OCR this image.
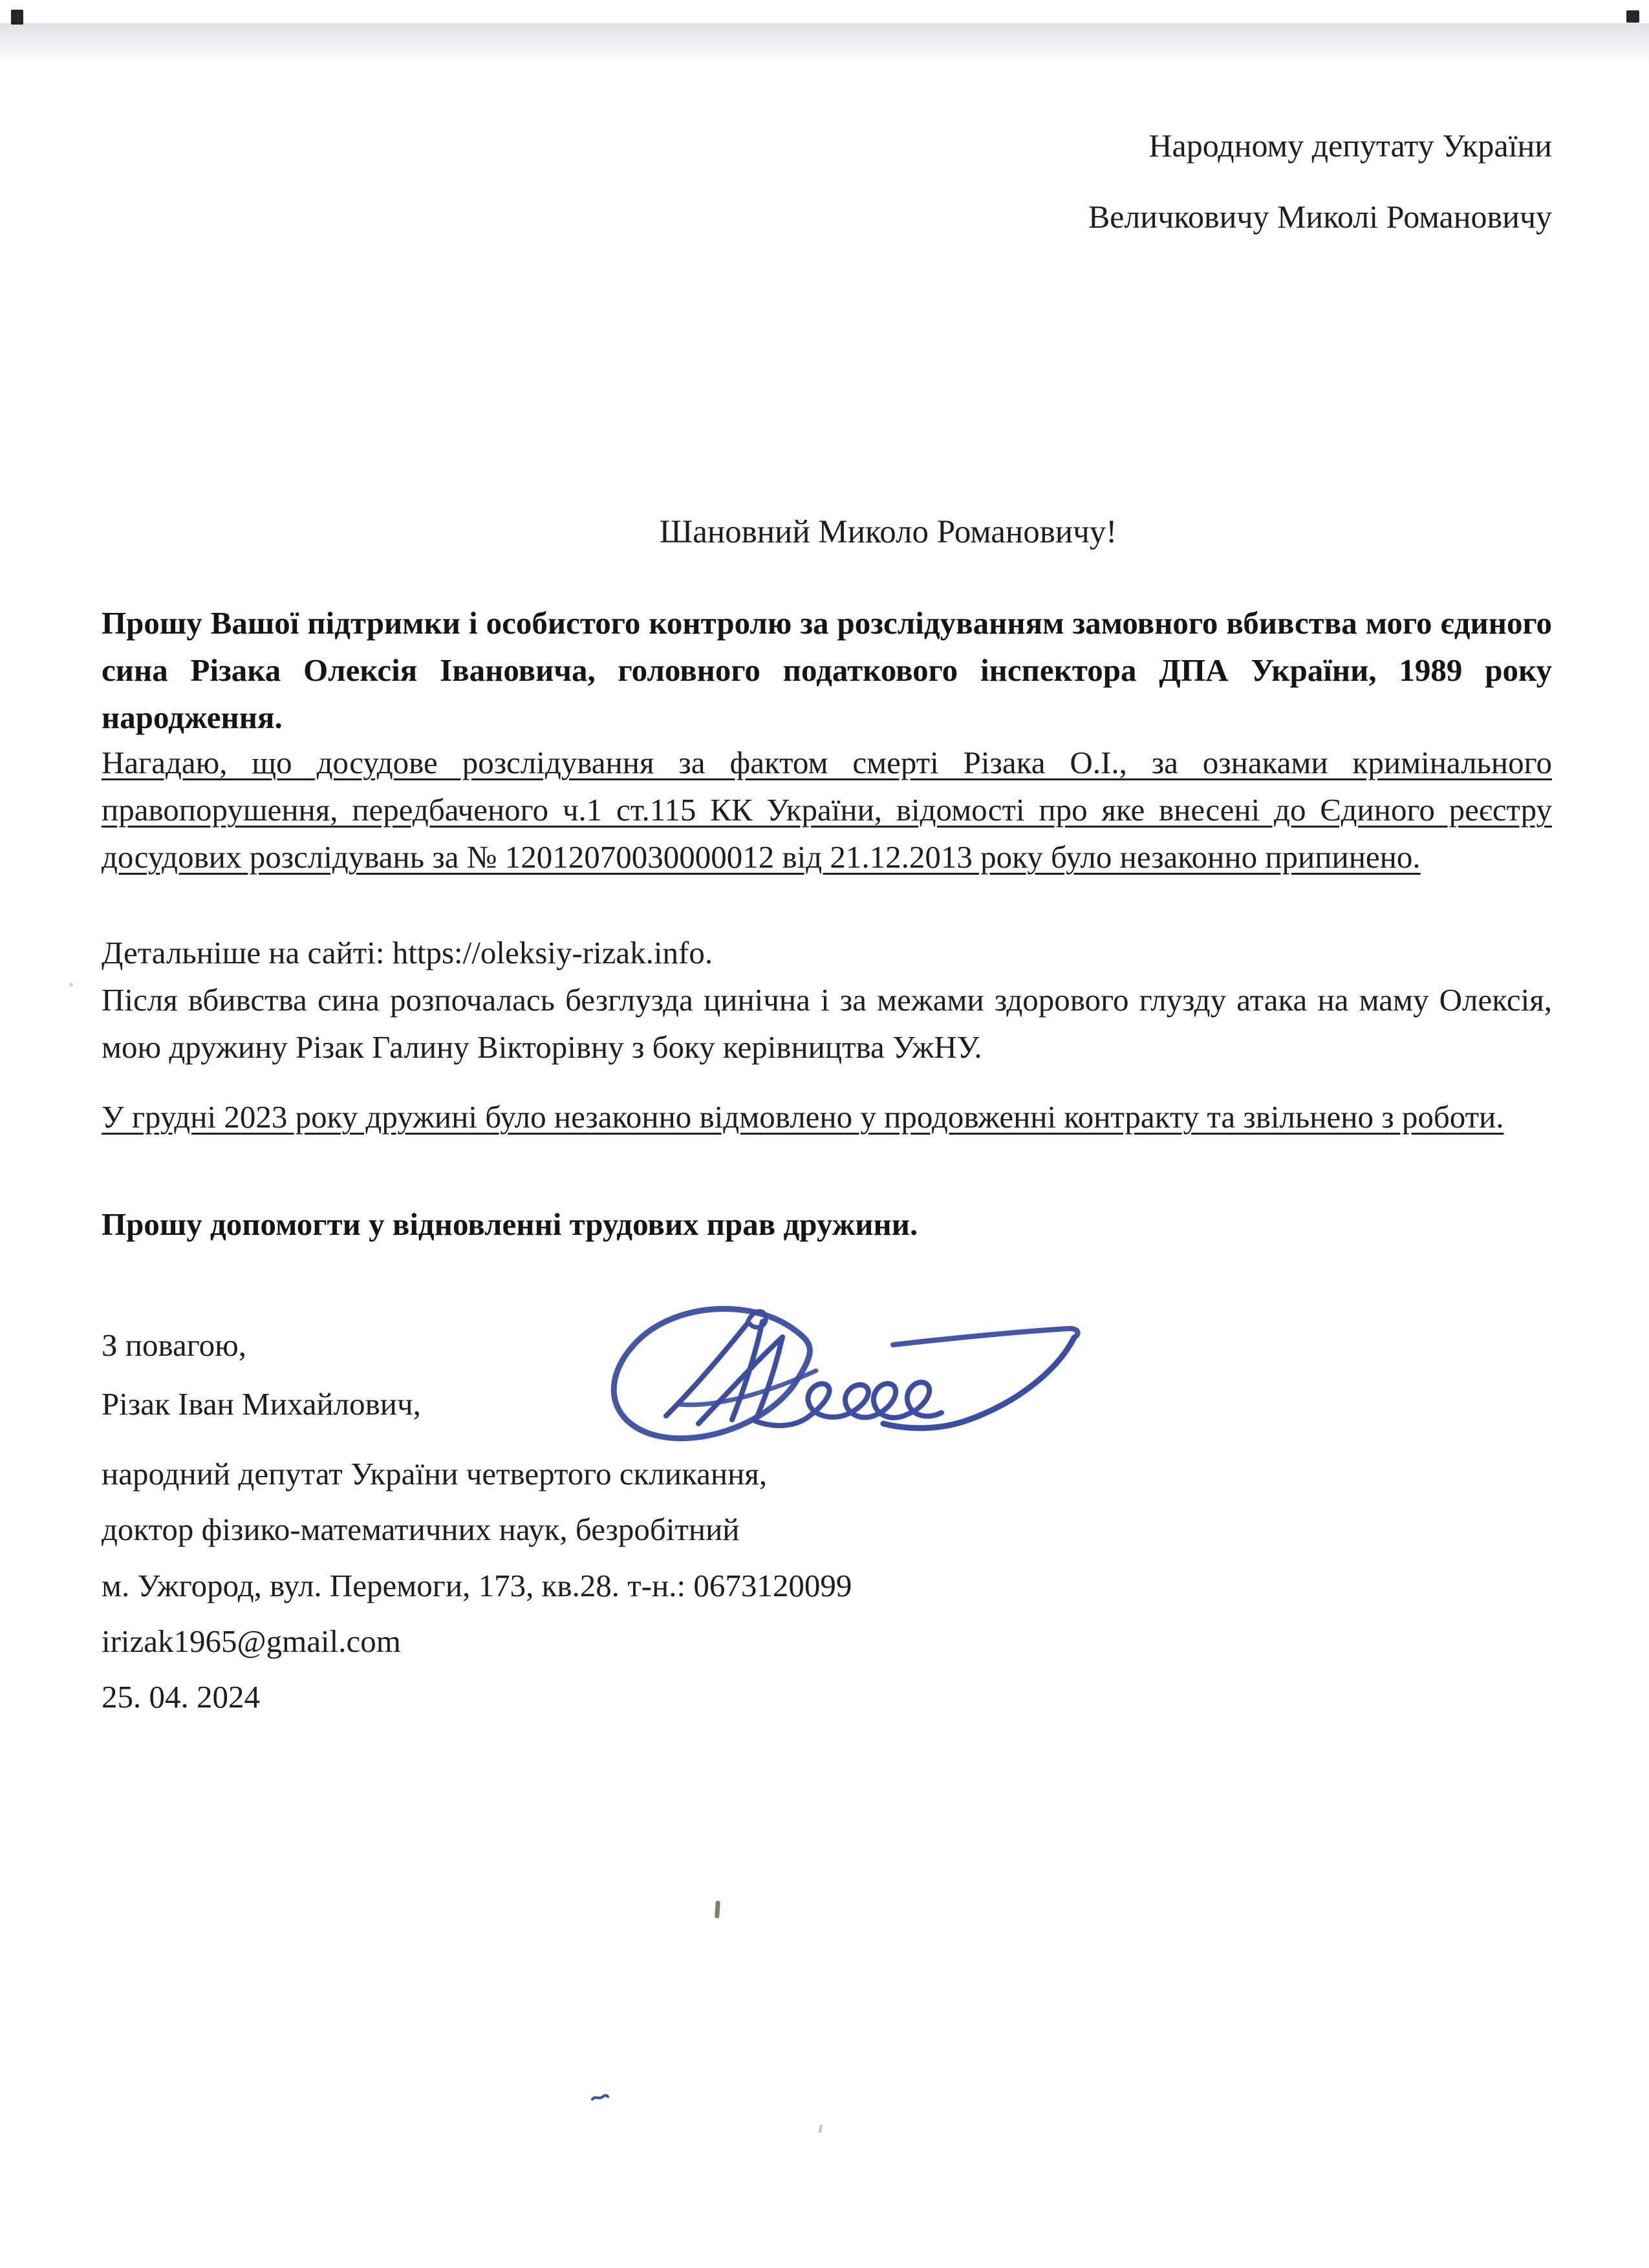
Народному депутату України
Величковичу Миколі Романовичу
Шановний Миколо Романовичу!
Прошу Вашої підтримки і особистого контролю за розслідуванням замовного вбивства мого єдиного сина Різака Олексія Івановича, головного податкового інспектора ДПА України, 1989 року народження.
Нагадаю, що досудове розслідування за фактом смерті Різака О.І., за ознаками кримінального правопорушення, передбаченого ч.1 ст.115 КК України, відомості про яке внесені до Єдиного реєстру досудових розслідувань за № 12012070030000012 від 21.12.2013 року було незаконно припинено.
Детальніше на сайті: https://oleksiy-rizak.info.
Після вбивства сина розпочалась безглузда цинічна і за межами здорового глузду атака на маму Олексія, мою дружину Різак Галину Вікторівну з боку керівництва УжНУ.
У грудні 2023 року дружині було незаконно відмовлено у продовженні контракту та звільнено з роботи.
Прошу допомогти у відновленні трудових прав дружини.
З повагою,
Різак Іван Михайлович,
народний депутат України четвертого скликання,
доктор фізико-математичних наук, безробітний
м. Ужгород, вул. Перемоги, 173, кв.28. т-н.: 0673120099
irizak1965@gmail.com
25. 04. 2024
